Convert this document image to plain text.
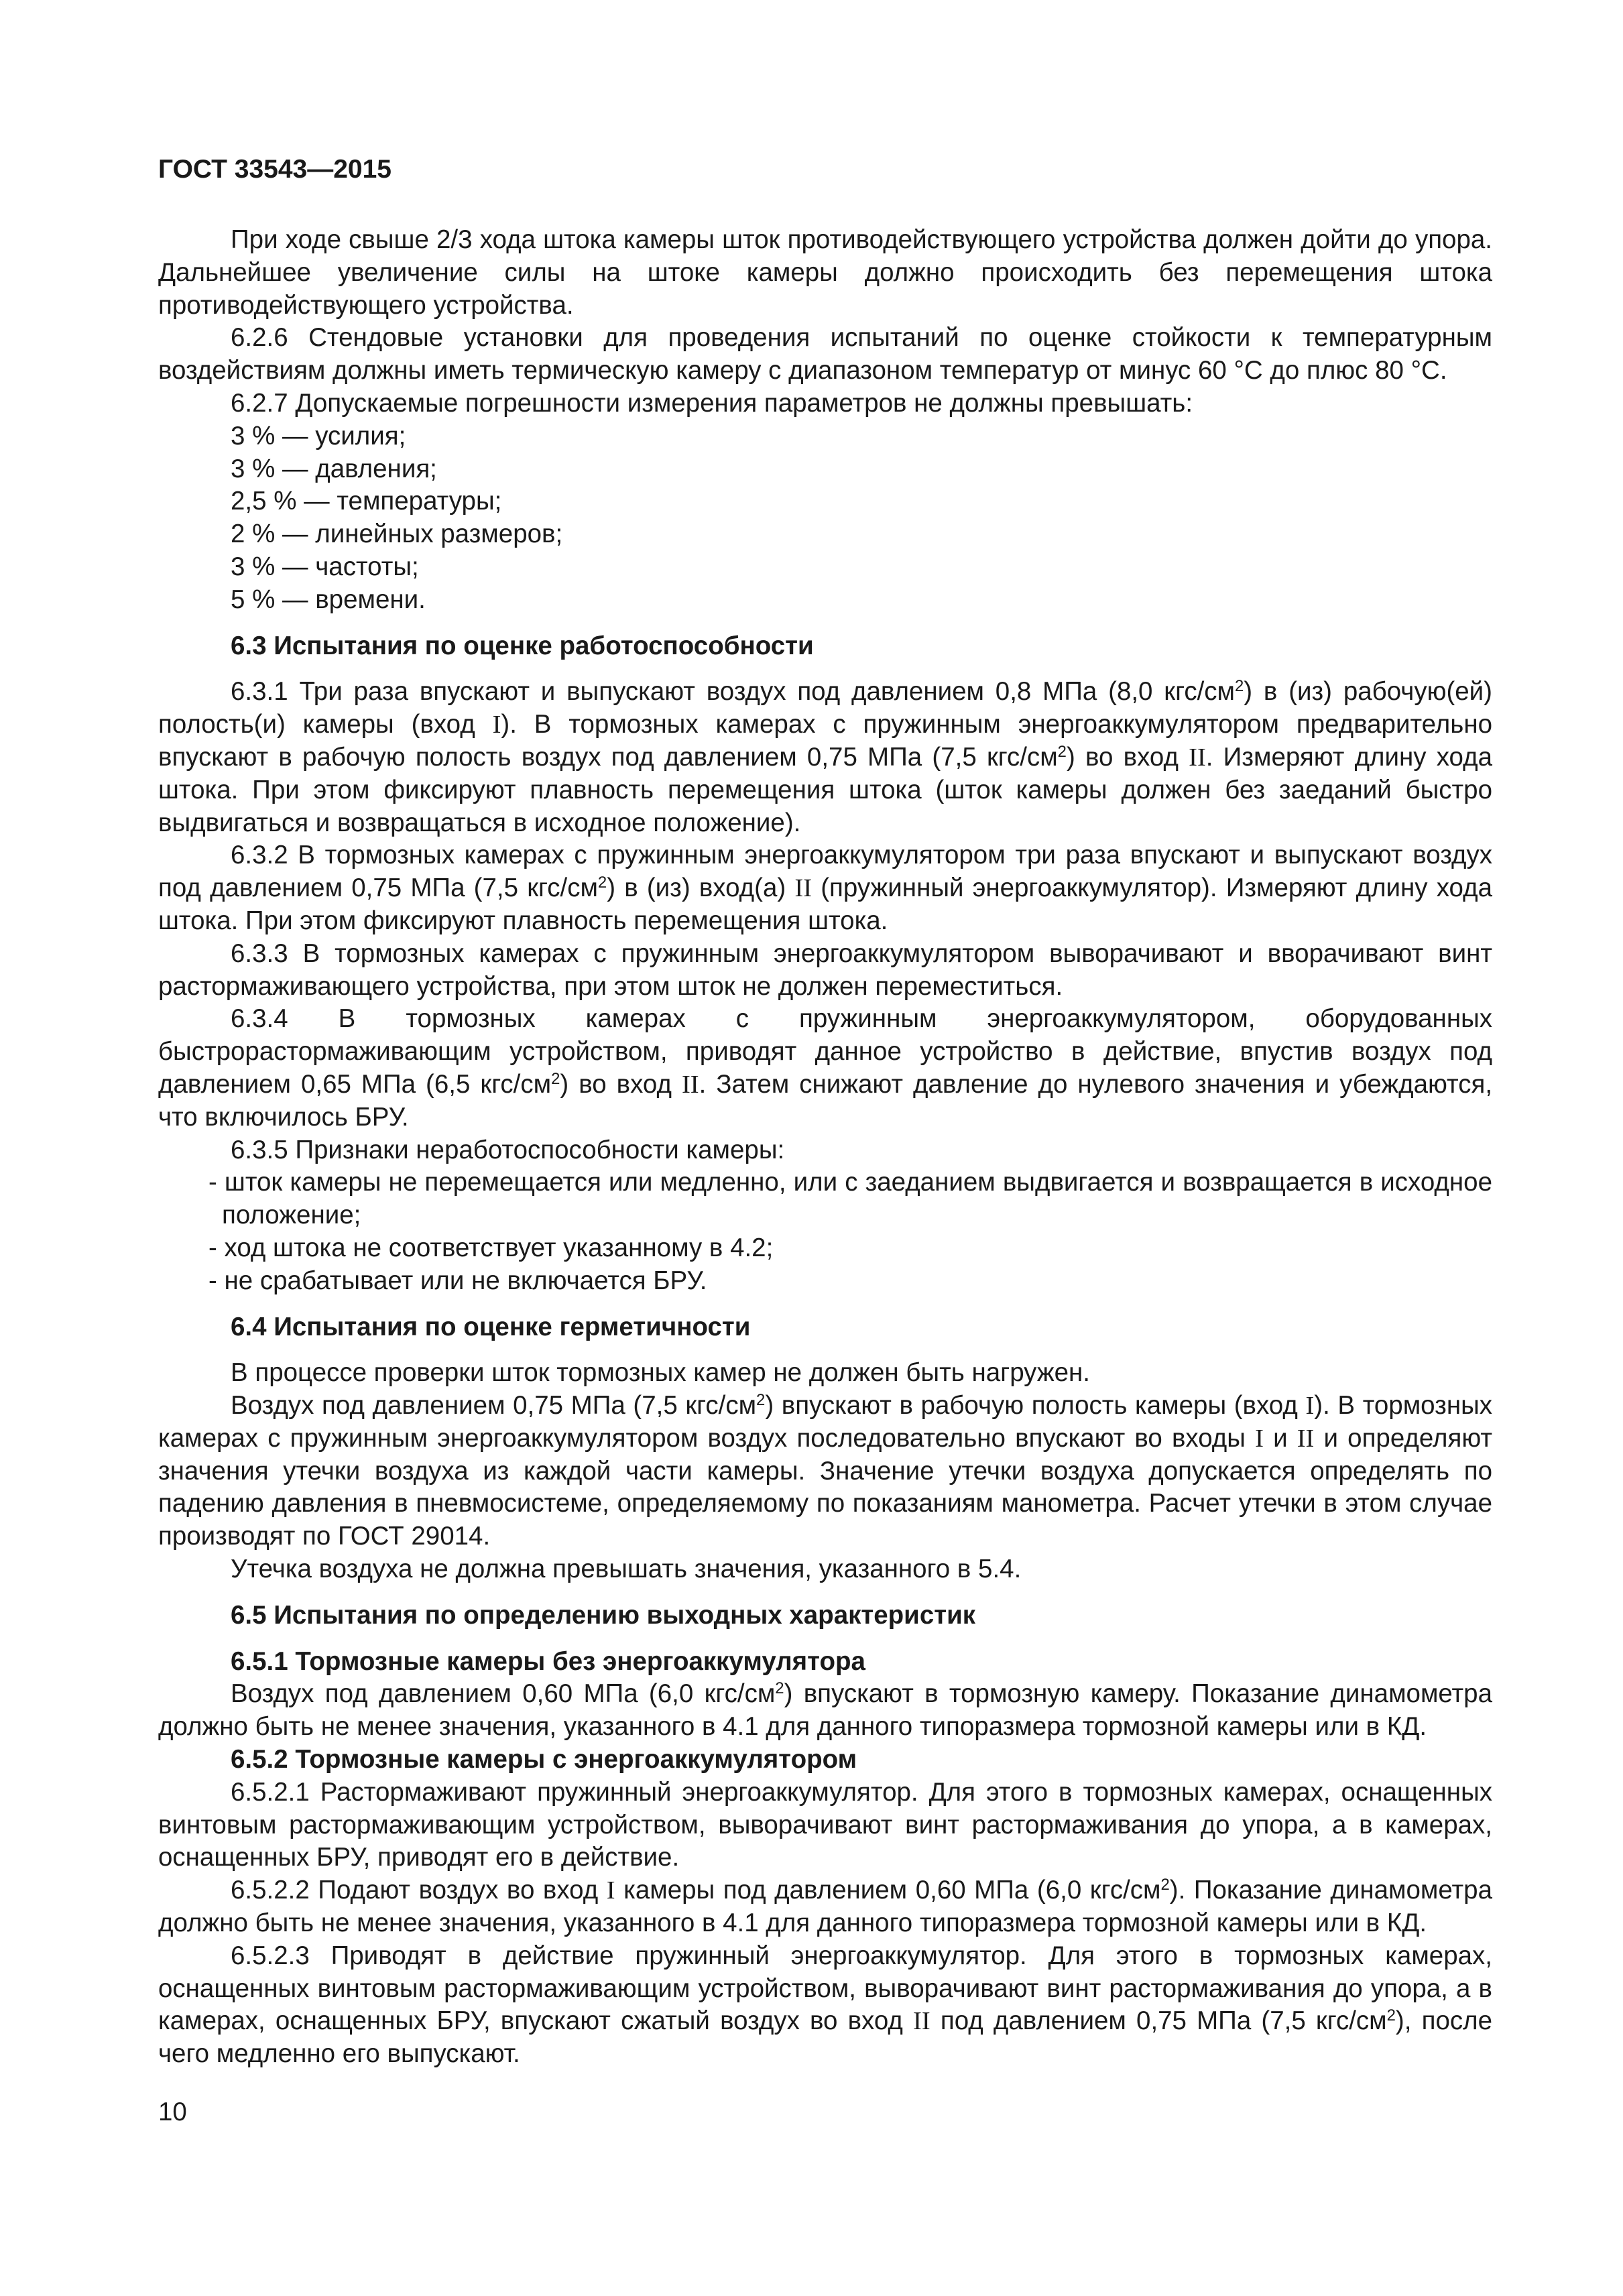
ГОСТ 33543—2015

При ходе свыше 2/3 хода штока камеры шток противодействующего устройства должен дойти до упора. Дальнейшее увеличение силы на штоке камеры должно происходить без перемещения штока противодействующего устройства.

6.2.6 Стендовые установки для проведения испытаний по оценке стойкости к температурным воздействиям должны иметь термическую камеру с диапазоном температур от минус 60 °С до плюс 80 °С.

6.2.7 Допускаемые погрешности измерения параметров не должны превышать:

3 % — усилия;

3 % — давления;

2,5 % — температуры;

2 % — линейных размеров;

3 % — частоты;

5 % — времени.

6.3 Испытания по оценке работоспособности

6.3.1 Три раза впускают и выпускают воздух под давлением 0,8 МПа (8,0 кгс/$см^2$) в (из) рабочую(ей) полость(и) камеры (вход I). В тормозных камерах с пружинным энергоаккумулятором предварительно впускают в рабочую полость воздух под давлением 0,75 МПа (7,5 кгс/$см^2$) во вход II. Измеряют длину хода штока. При этом фиксируют плавность перемещения штока (шток камеры должен без заеданий быстро выдвигаться и возвращаться в исходное положение).

6.3.2 В тормозных камерах с пружинным энергоаккумулятором три раза впускают и выпускают воздух под давлением 0,75 МПа (7,5 кгс/$см^2$) в (из) вход(а) II (пружинный энергоаккумулятор). Измеряют длину хода штока. При этом фиксируют плавность перемещения штока.

6.3.3 В тормозных камерах с пружинным энергоаккумулятором выворачивают и вворачивают винт растормаживающего устройства, при этом шток не должен переместиться.

6.3.4 В тормозных камерах с пружинным энергоаккумулятором, оборудованных быстрорастормаживающим устройством, приводят данное устройство в действие, впустив воздух под давлением 0,65 МПа (6,5 кгс/$см^2$) во вход II. Затем снижают давление до нулевого значения и убеждаются, что включилось БРУ.

6.3.5 Признаки неработоспособности камеры:

- шток камеры не перемещается или медленно, или с заеданием выдвигается и возвращается в исходное положение;

- ход штока не соответствует указанному в 4.2;

- не срабатывает или не включается БРУ.

6.4 Испытания по оценке герметичности

В процессе проверки шток тормозных камер не должен быть нагружен.

Воздух под давлением 0,75 МПа (7,5 кгс/$см^2$) впускают в рабочую полость камеры (вход I). В тормозных камерах с пружинным энергоаккумулятором воздух последовательно впускают во входы I и II и определяют значения утечки воздуха из каждой части камеры. Значение утечки воздуха допускается определять по падению давления в пневмосистеме, определяемому по показаниям манометра. Расчет утечки в этом случае производят по ГОСТ 29014.

Утечка воздуха не должна превышать значения, указанного в 5.4.

6.5 Испытания по определению выходных характеристик

6.5.1 Тормозные камеры без энергоаккумулятора

Воздух под давлением 0,60 МПа (6,0 кгс/$см^2$) впускают в тормозную камеру. Показание динамометра должно быть не менее значения, указанного в 4.1 для данного типоразмера тормозной камеры или в КД.

6.5.2 Тормозные камеры с энергоаккумулятором

6.5.2.1 Растормаживают пружинный энергоаккумулятор. Для этого в тормозных камерах, оснащенных винтовым растормаживающим устройством, выворачивают винт растормаживания до упора, а в камерах, оснащенных БРУ, приводят его в действие.

6.5.2.2 Подают воздух во вход I камеры под давлением 0,60 МПа (6,0 кгс/$см^2$). Показание динамометра должно быть не менее значения, указанного в 4.1 для данного типоразмера тормозной камеры или в КД.

6.5.2.3 Приводят в действие пружинный энергоаккумулятор. Для этого в тормозных камерах, оснащенных винтовым растормаживающим устройством, выворачивают винт растормаживания до упора, а в камерах, оснащенных БРУ, впускают сжатый воздух во вход II под давлением 0,75 МПа (7,5 кгс/$см^2$), после чего медленно его выпускают.

10
